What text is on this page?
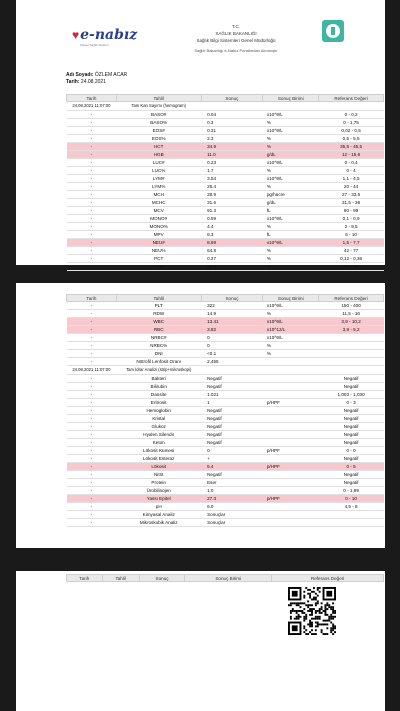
♥ e-nabız
Kişisel Sağlık Sistemi
T.C.
SAĞLIK BAKANLIĞI
Sağlık Bilgi Sistemleri Genel Müdürlüğü
Sağlık Bakanlığı e-Nabız Portalından Alınmıştır
Adı Soyadı: ÖZLEM ACAR
Tarih: 24.08.2021
Tarih	Tahlil	Sonuç	Sonuç Birimi	Referans Değeri
24.08.2021 11:07:00	Tam Kan Sayımı (hemogram)			
-	BASO#	0.04	x10^9/L	0 - 0,2
-	BASO%	0.3	%	0 - 1,75
-	EOS#	0.31	x10^9/L	0,02 - 0,5
-	EOS%	2.3	%	0,5 - 5,5
-	HCT	34.9	%	35,5 - 45,5
-	HGB	11.0	g/dL	12 - 15,6
-	LUC#	0.23	x10^9/L	0 - 0,4
-	LUC%	1.7	%	0 - 4
-	LYM#	3.54	x10^9/L	1,1 - 4,5
-	LYM%	26.4	%	20 - 44
-	MCH	28.9	pg/hücre	27 - 33,5
-	MCHC	31.6	g/dL	31,5 - 36
-	MCV	91.3	fL	80 - 99
-	MONO#	0.59	x10^9/L	0,1 - 0,9
-	MONO%	4.4	%	2 - 9,5
-	MPV	8.3	fL	6 - 10
-	NEU#	8.69	x10^9/L	1,5 - 7,7
-	NEU%	64.8	%	42 - 77
-	PCT	0.27	%	0,12 - 0,36
-	PDW	55.3	%	25 - 65
Tarih	Tahlil	Sonuç	Sonuç Birimi	Referans Değeri
-	PLT	322	x10^9/L	150 - 400
-	RDW	14.9	%	11,5 - 16
-	WBC	13.41	x10^9/L	3,9 - 10,2
-	RBC	3.82	x10^12/L	3,9 - 5,2
-	NRBC#	0	x10^9/L	
-	NRBC%	0	%	
-	DNI	<0.1	%	
-	Nötrofil Lenfosit Oranı	2,455		
24.08.2021 11:07:00	Tam İdrar Analizi (strip+mikroskopi)			
-	Bakteri	Negatif		Negatif
-	Bilirubin	Negatif		Negatif
-	Dansite	1.021		1,003 - 1,030
-	Eritrosit	1	p/HPF	0 - 3
-	Hemoglobin	Negatif		Negatif
-	Kristal	Negatif		Negatif
-	Glukoz	Negatif		Negatif
-	Hyalen Silendir	Negatif		Negatif
-	Keton	Negatif		Negatif
-	Lökosit Kümesi	0	p/HPF	0 - 0
-	Lökosit Esteraz	+		Negatif
-	Lökosit	5.4	p/HPF	0 - 5
-	Nitrit	Negatif		Negatif
-	Protein	Eser		Negatif
-	Ürobilinojen	1.0		0 - 1,99
-	Yassı Epitel	27.3	p/HPF	0 - 10
-	pH	6.0		4,5 - 8
-	Kimyasal Analiz	Sonuçlar		
-	Mikroskobik Analiz	Sonuçlar		
Tarih	Tahlil	Sonuç	Sonuç Birimi	Referans Değeri
